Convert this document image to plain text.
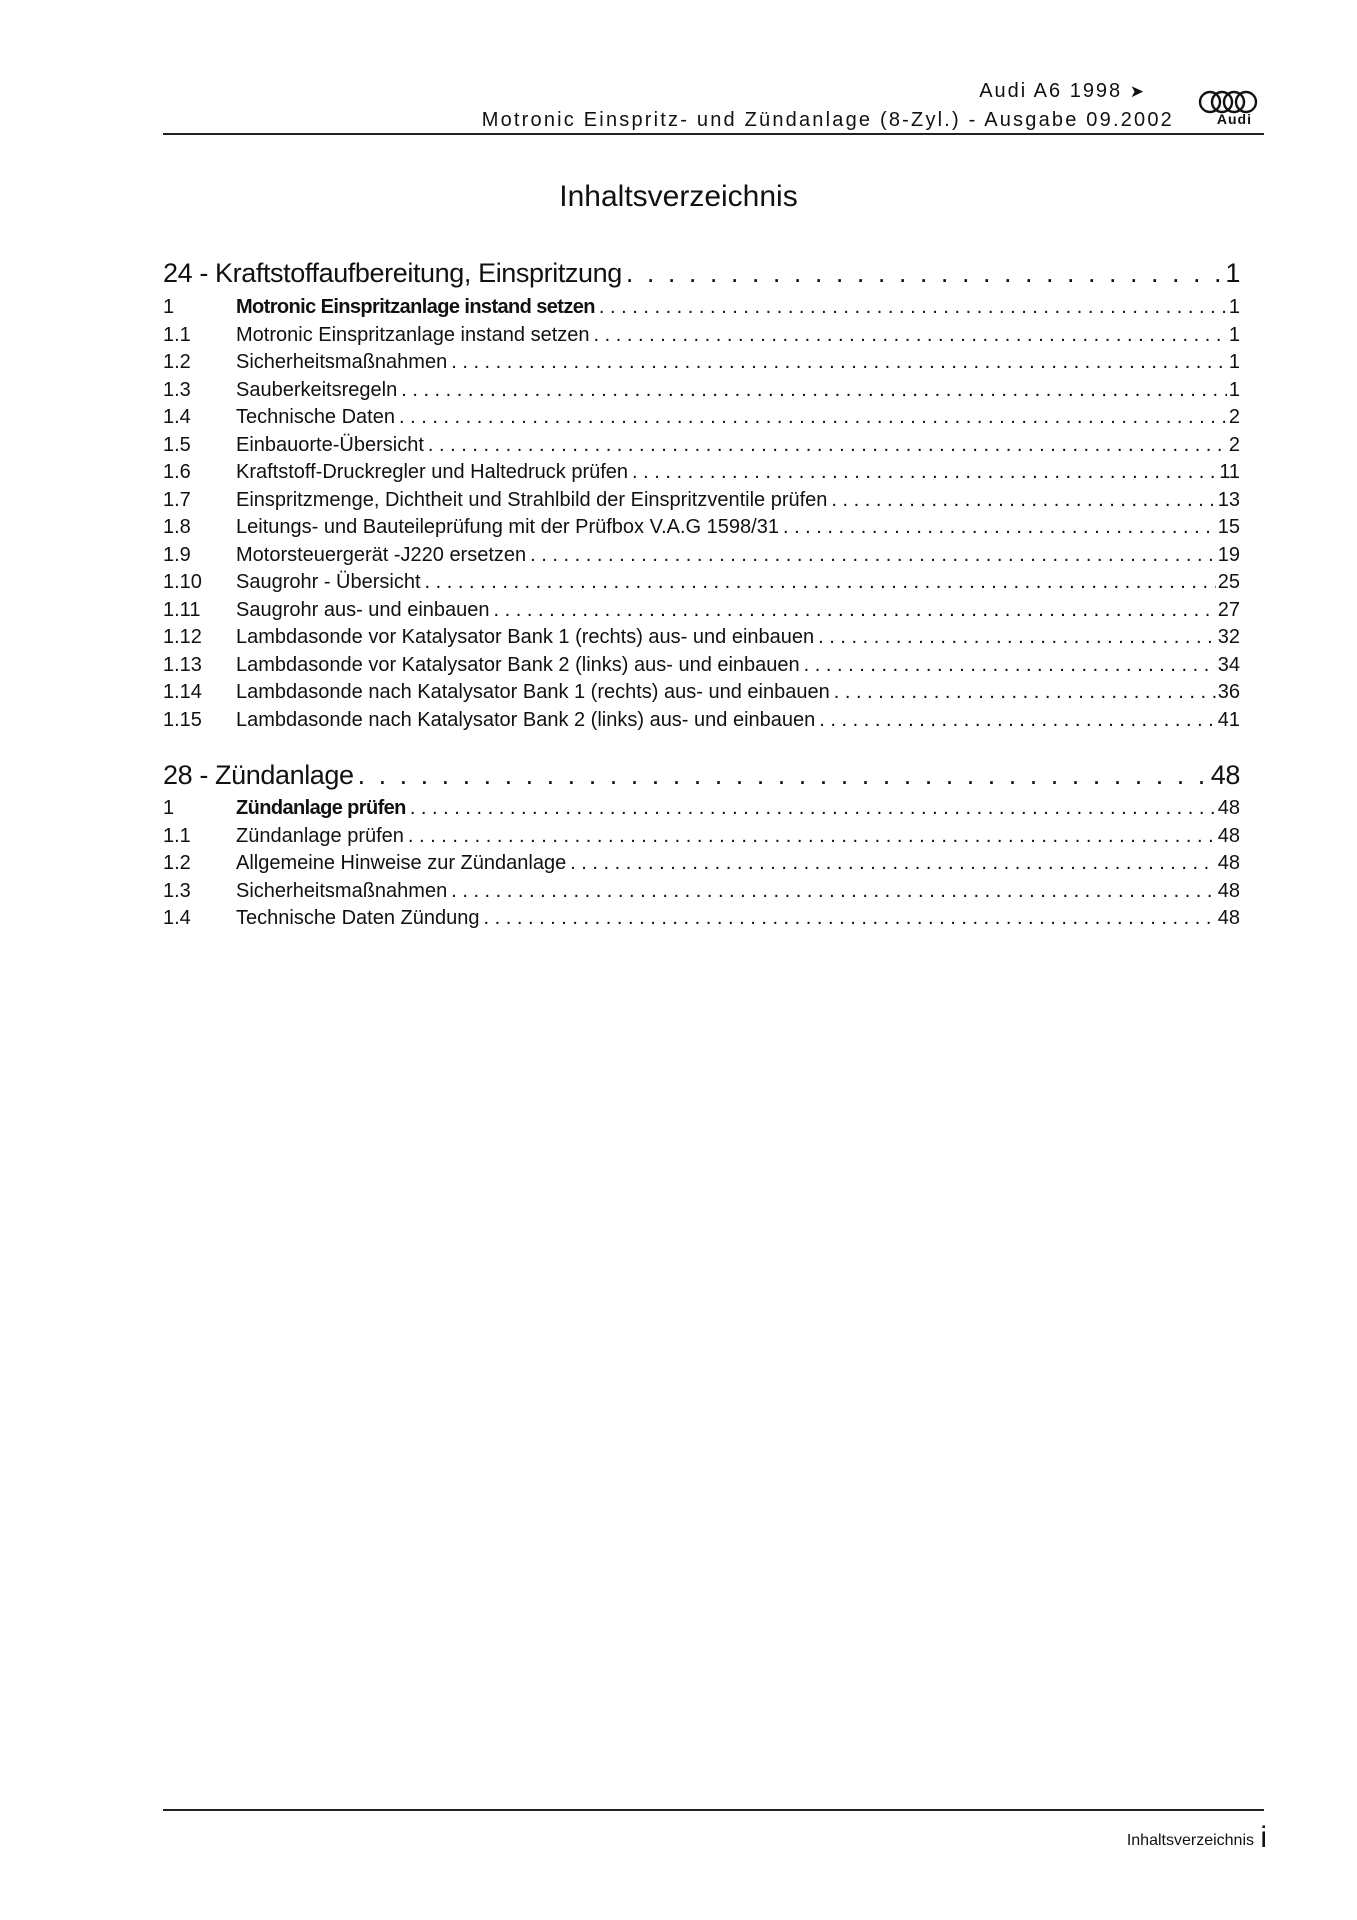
Audi A6 1998 ➤
Motronic Einspritz- und Zündanlage (8-Zyl.) - Ausgabe 09.2002	Audi
Inhaltsverzeichnis
24 - Kraftstoffaufbereitung, Einspritzung . . .	1
1	Motronic Einspritzanlage instand setzen . . .	1
1.1	Motronic Einspritzanlage instand setzen . . .	1
1.2	Sicherheitsmaßnahmen . . .	1
1.3	Sauberkeitsregeln . . .	1
1.4	Technische Daten . . .	2
1.5	Einbauorte-Übersicht . . .	2
1.6	Kraftstoff-Druckregler und Haltedruck prüfen . . .	11
1.7	Einspritzmenge, Dichtheit und Strahlbild der Einspritzventile prüfen . . .	13
1.8	Leitungs- und Bauteileprüfung mit der Prüfbox V.A.G 1598/31 . . .	15
1.9	Motorsteuergerät -J220 ersetzen . . .	19
1.10	Saugrohr - Übersicht . . .	25
1.11	Saugrohr aus- und einbauen . . .	27
1.12	Lambdasonde vor Katalysator Bank 1 (rechts) aus- und einbauen . . .	32
1.13	Lambdasonde vor Katalysator Bank 2 (links) aus- und einbauen . . .	34
1.14	Lambdasonde nach Katalysator Bank 1 (rechts) aus- und einbauen . . .	36
1.15	Lambdasonde nach Katalysator Bank 2 (links) aus- und einbauen . . .	41
28 - Zündanlage . . .	48
1	Zündanlage prüfen . . .	48
1.1	Zündanlage prüfen . . .	48
1.2	Allgemeine Hinweise zur Zündanlage . . .	48
1.3	Sicherheitsmaßnahmen . . .	48
1.4	Technische Daten Zündung . . .	48
Inhaltsverzeichnis i
